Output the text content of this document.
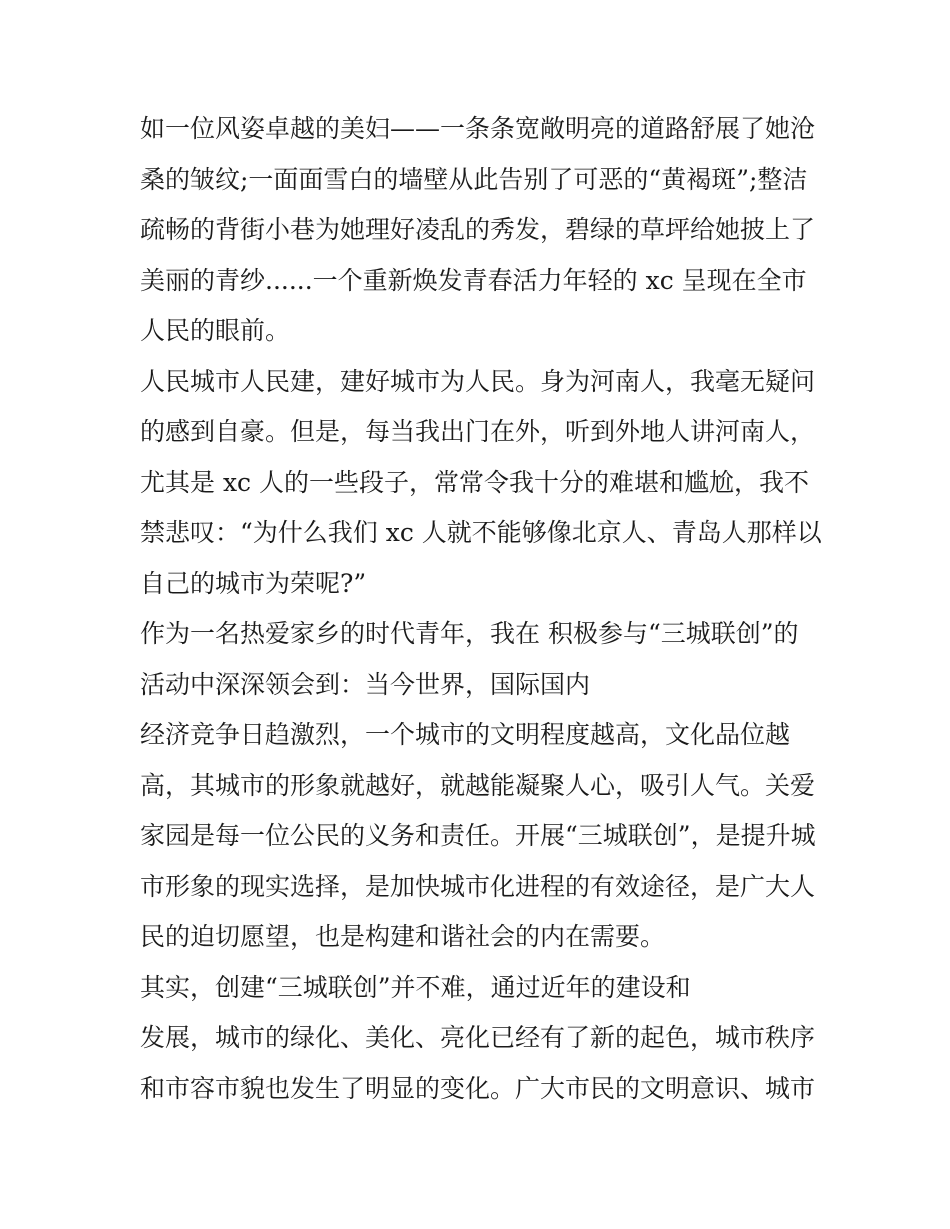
如一位风姿卓越的美妇——一条条宽敞明亮的道路舒展了她沧
桑的皱纹;一面面雪白的墙壁从此告别了可恶的“黄褐斑”;整洁
疏畅的背街小巷为她理好凌乱的秀发，碧绿的草坪给她披上了
美丽的青纱......一个重新焕发青春活力年轻的 xc 呈现在全市
人民的眼前。
人民城市人民建，建好城市为人民。身为河南人，我毫无疑问
的感到自豪。但是，每当我出门在外，听到外地人讲河南人，
尤其是 xc 人的一些段子，常常令我十分的难堪和尴尬，我不
禁悲叹：“为什么我们 xc 人就不能够像北京人、青岛人那样以
自己的城市为荣呢?”
作为一名热爱家乡的时代青年，我在 积极参与“三城联创”的
活动中深深领会到：当今世界，国际国内
经济竞争日趋激烈，一个城市的文明程度越高，文化品位越
高，其城市的形象就越好，就越能凝聚人心，吸引人气。关爱
家园是每一位公民的义务和责任。开展“三城联创”，是提升城
市形象的现实选择，是加快城市化进程的有效途径，是广大人
民的迫切愿望，也是构建和谐社会的内在需要。
其实，创建“三城联创”并不难，通过近年的建设和
发展，城市的绿化、美化、亮化已经有了新的起色，城市秩序
和市容市貌也发生了明显的变化。广大市民的文明意识、城市
